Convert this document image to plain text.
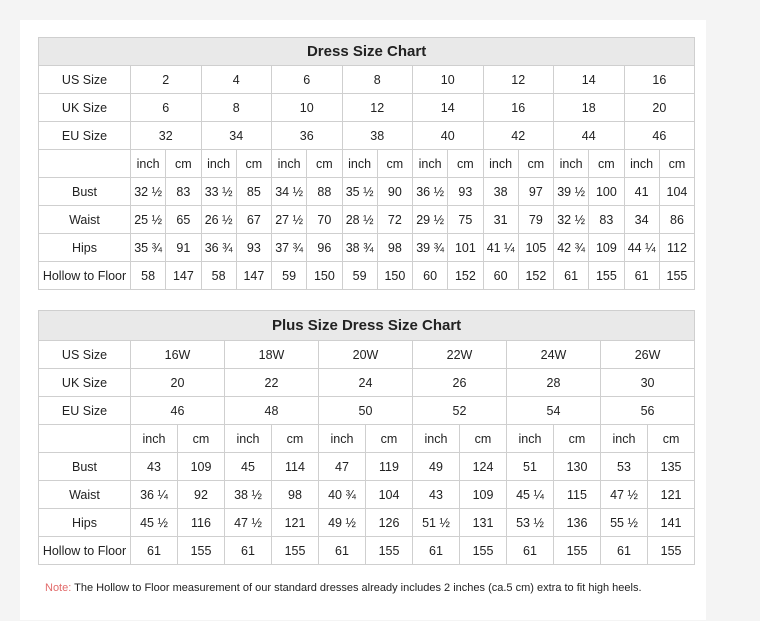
Dress Size Chart																
US Size	2		4		6		8		10		12		14		16	
UK Size	6		8		10		12		14		16		18		20	
EU Size	32		34		36		38		40		42		44		46	
	inch	cm	inch	cm	inch	cm	inch	cm	inch	cm	inch	cm	inch	cm	inch	cm
Bust	32 ½	83	33 ½	85	34 ½	88	35 ½	90	36 ½	93	38	97	39 ½	100	41	104
Waist	25 ½	65	26 ½	67	27 ½	70	28 ½	72	29 ½	75	31	79	32 ½	83	34	86
Hips	35 ¾	91	36 ¾	93	37 ¾	96	38 ¾	98	39 ¾	101	41 ¼	105	42 ¾	109	44 ¼	112
Hollow to Floor	58	147	58	147	59	150	59	150	60	152	60	152	61	155	61	155
Plus Size Dress Size Chart												
US Size	16W		18W		20W		22W		24W		26W	
UK Size	20		22		24		26		28		30	
EU Size	46		48		50		52		54		56	
	inch	cm	inch	cm	inch	cm	inch	cm	inch	cm	inch	cm
Bust	43	109	45	114	47	119	49	124	51	130	53	135
Waist	36 ¼	92	38 ½	98	40 ¾	104	43	109	45 ¼	115	47 ½	121
Hips	45 ½	116	47 ½	121	49 ½	126	51 ½	131	53 ½	136	55 ½	141
Hollow to Floor	61	155	61	155	61	155	61	155	61	155	61	155
Note: The Hollow to Floor measurement of our standard dresses already includes 2 inches (ca.5 cm) extra to fit high heels.
